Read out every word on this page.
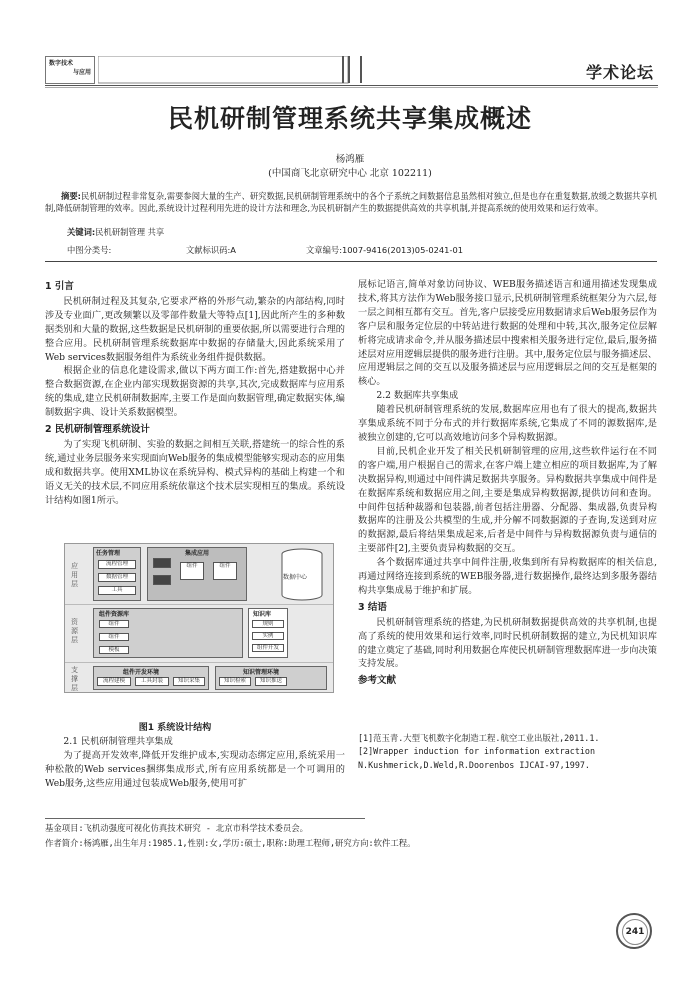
数字技术
与应用	学术论坛
民机研制管理系统共享集成概述
杨鸿雁
(中国商飞北京研究中心 北京 102211)
摘要:民机研制过程非常复杂,需要参阅大量的生产、研究数据,民机研制管理系统中的各个子系统之间数据信息虽然相对独立,但是也存在重复数据,放缓之数据共享机制,降低研制管理的效率。因此,系统设计过程利用先进的设计方法和理念,为民机研制产生的数据提供高效的共享机制,并提高系统的使用效果和运行效率。
关键词:民机研制管理 共享
中图分类号:	文献标识码:A	文章编号:1007-9416(2013)05-0241-01
1 引言

民机研制过程及其复杂,它要求严格的外形气动,繁杂的内部结构,同时涉及专业面广,更改频繁以及零部件数量大等特点[1],因此所产生的多种数据类别和大量的数据,这些数据是民机研制的重要依据,所以需要进行合理的整合应用。民机研制管理系统数据库中数据的存储量大,因此系统采用了Web services数据服务组件为系统业务组件提供数据。

根据企业的信息化建设需求,做以下两方面工作:首先,搭建数据中心并整合数据资源,在企业内部实现数据资源的共享,其次,完成数据库与应用系统的集成,建立民机研制数据库,主要工作是面向数据管理,确定数据实体,编制数据字典、设计关系数据模型。

2 民机研制管理系统设计

为了实现飞机研制、实验的数据之间相互关联,搭建统一的综合性的系统,通过业务层服务来实现面向Web服务的集成模型能够实现动态的应用集成和数据共享。使用XML协议在系统异构、模式异构的基础上构建一个和语义无关的技术层,不同应用系统依靠这个技术层实现相互的集成。系统设计结构如图1所示。

应用层
资源层
支撑层
任务管理
流程管理
数据管理
工具
集成应用
组件	组件
数据中心
组件资源库
组件
组件
模板
知识库
规则
实例
组件开发
组件开发环境
流程建模	工具封装	知识采集
知识管理环境
知识检索	知识推送
图1 系统设计结构

2.1 民机研制管理共享集成

为了提高开发效率,降低开发维护成本,实现动态绑定应用,系统采用一种松散的Web services捆绑集成形式,所有应用系统都是一个可调用的Web服务,这些应用通过包装成Web服务,使用可扩

展标记语言,简单对象访问协议、WEB服务描述语言和通用描述发现集成技术,将其方法作为Web服务接口显示,民机研制管理系统框架分为六层,每一层之间相互都有交互。首先,客户层接受应用数据请求后Web服务层作为客户层和服务定位层的中转站进行数据的处理和中转,其次,服务定位层解析将完成请求命令,并从服务描述层中搜索相关服务进行定位,最后,服务描述层对应用逻辑层提供的服务进行注册。其中,服务定位层与服务描述层、应用逻辑层之间的交互以及服务描述层与应用逻辑层之间的交互是框架的核心。

2.2 数据库共享集成

随着民机研制管理系统的发展,数据库应用也有了很大的提高,数据共享集成系统不同于分布式的并行数据库系统,它集成了不同的源数据库,是被独立创建的,它可以高效地访问多个异构数据源。

目前,民机企业开发了相关民机研制管理的应用,这些软件运行在不同的客户端,用户根据自己的需求,在客户端上建立相应的项目数据库,为了解决数据异构,则通过中间件满足数据共享服务。异构数据共享集成中间件是在数据库系统和数据应用之间,主要是集成异构数据源,提供访问和查询。中间件包括种裁器和包装器,前者包括注册器、分配器、集成器,负责异构数据库的注册及公共模型的生成,并分解不同数据源的子查询,发送到对应的数据源,最后将结果集成起来,后者是中间件与异构数据源负责与通信的主要部件[2],主要负责异构数据的交互。

各个数据库通过共享中间件注册,收集到所有异构数据库的相关信息,再通过网络连接到系统的WEB服务器,进行数据操作,最终达到多服务器结构共享集成易于维护和扩展。

3 结语

民机研制管理系统的搭建,为民机研制数据提供高效的共享机制,也提高了系统的使用效果和运行效率,同时民机研制数据的建立,为民机知识库的建立奠定了基础,同时利用数据仓库使民机研制管理数据库进一步向决策支持发展。

参考文献
[1]范玉青.大型飞机数字化制造工程.航空工业出版社,2011.1.
[2]Wrapper induction for information extraction N.Kushmerick,D.Weld,R.Doorenbos IJCAI-97,1997.
基金项目:飞机动强度可视化仿真技术研究 - 北京市科学技术委员会。
作者简介:杨鸿雁,出生年月:1985.1,性别:女,学历:硕士,职称:助理工程师,研究方向:软件工程。
241
